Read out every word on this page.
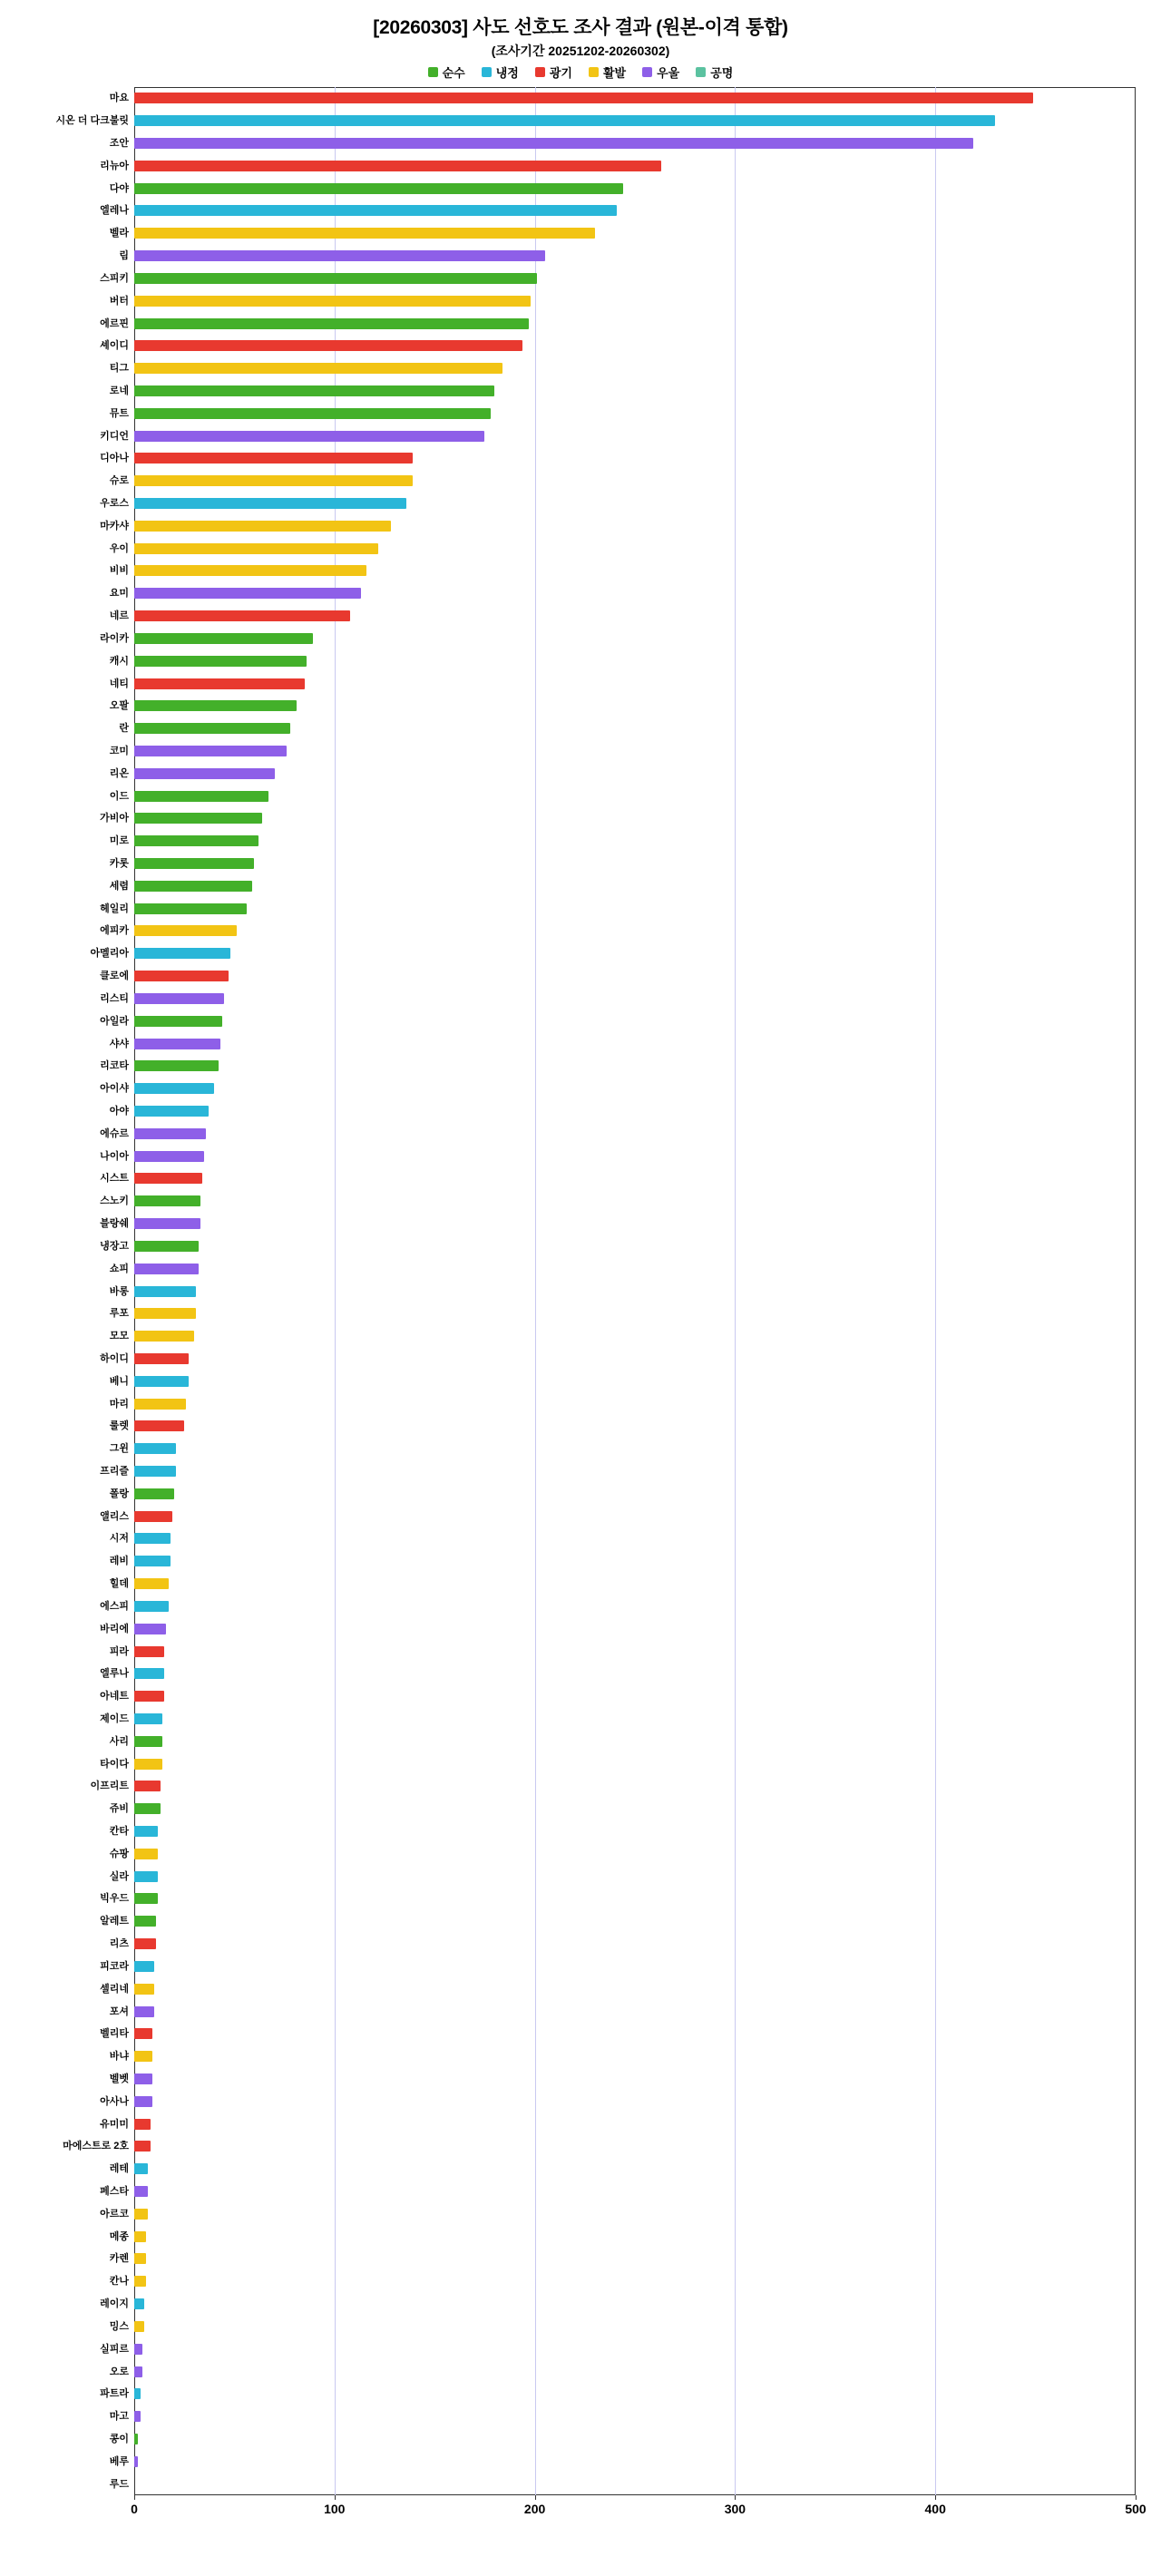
[20260303] 사도 선호도 조사 결과 (원본-이격 통합)
(조사기간 20251202-20260302)
순수	냉정	광기	활발	우울	공명
마요
시온 더 다크불릿
조안
리뉴아
다야
엘레나
벨라
림
스피키
버터
에르핀
셰이디
티그
로네
뮤트
키디언
디아나
슈로
우로스
마카샤
우이
비비
요미
네르
라이카
캐시
네티
오팔
란
코미
리온
이드
가비아
미로
카롯
세렴
헤일리
에피카
아멜리아
클로에
리스티
아일라
샤샤
리코타
아이샤
아야
에슈르
나이아
시스트
스노키
블랑쉐
냉장고
쇼피
바롱
루포
모모
하이디
베니
마리
룰렛
그윈
프리즐
폴랑
앨리스
시저
레비
힐데
에스피
바리에
피라
엘루나
아네트
제이드
사리
타이다
이프리트
쥬비
칸타
슈팡
실라
빅우드
알레트
리츠
피코라
셀리네
포셔
벨리타
바냐
벨벳
아사나
유미미
마에스트로 2호
레테
페스타
아르코
메종
카렌
칸나
레이지
밍스
실피르
오로
파트라
마고
콩이
베루
루드
0	100	200	300	400	500
